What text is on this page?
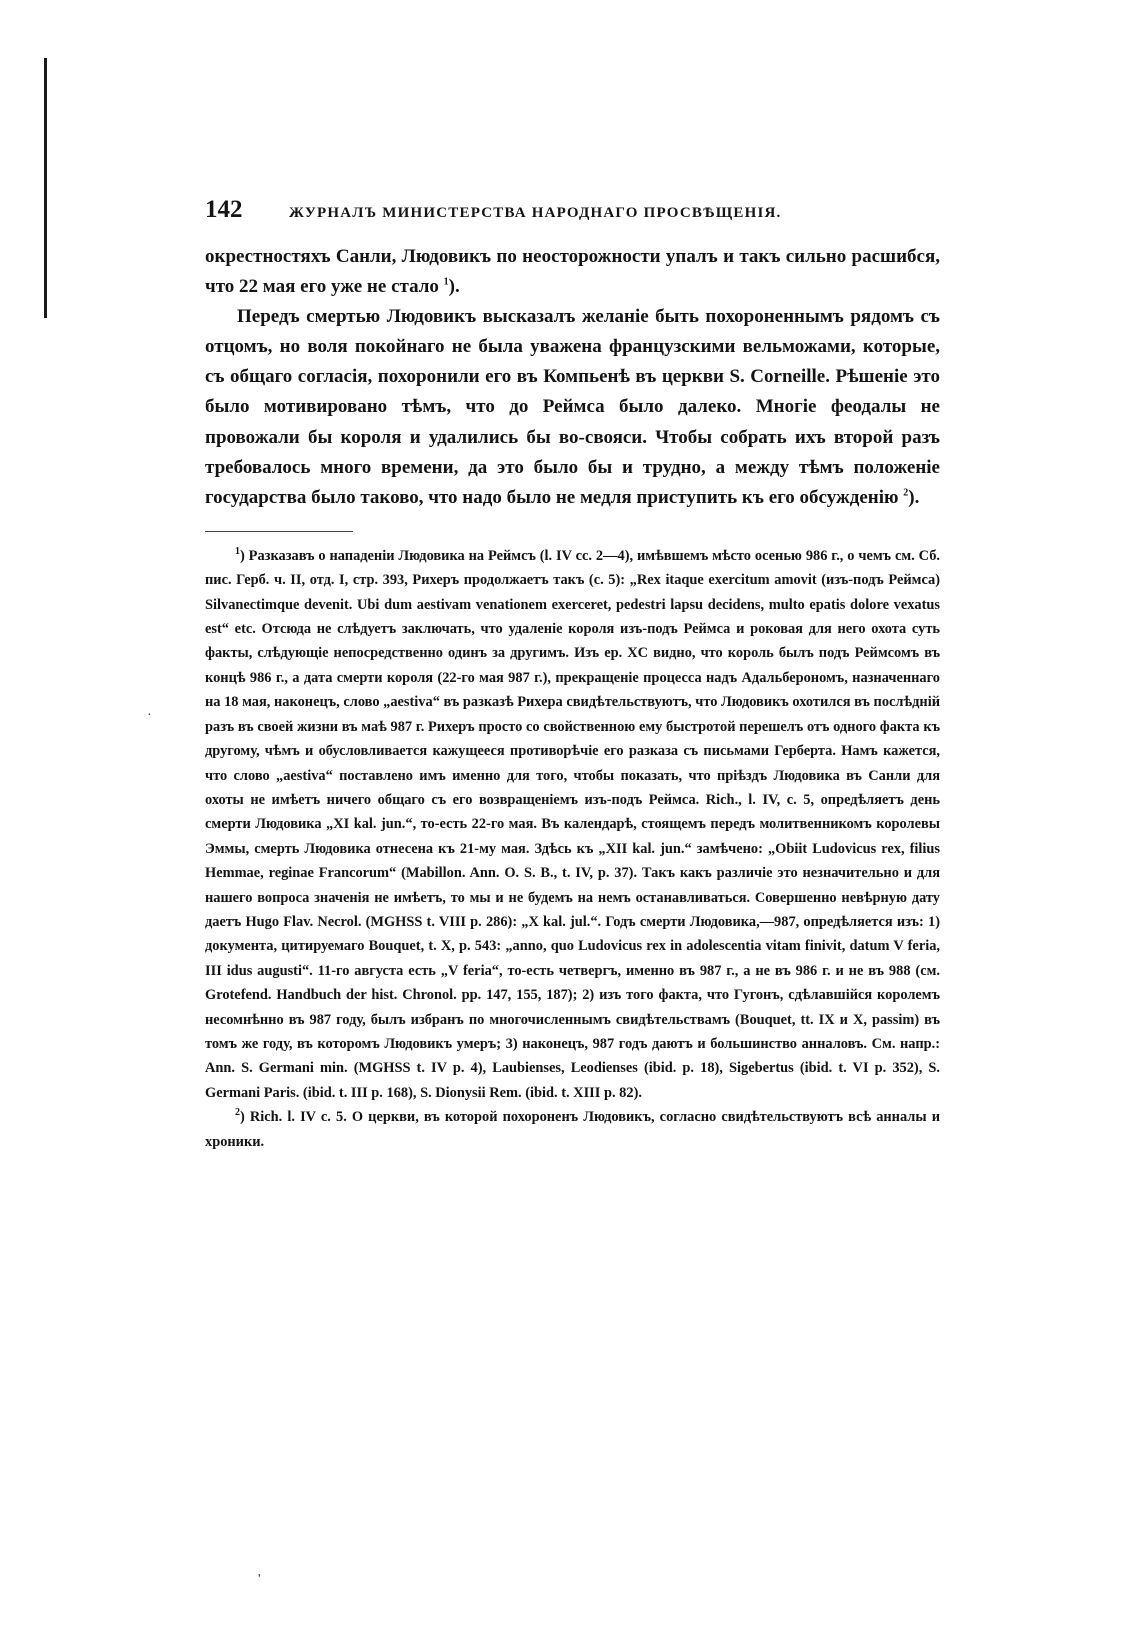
·
'
142	ЖУРНАЛЪ МИНИСТЕРСТВА НАРОДНАГО ПРОСВѢЩЕНІЯ.

окрестностяхъ Санли, Людовикъ по неосторожности упалъ и такъ сильно расшибся, что 22 мая его уже не стало $^1$).

Передъ смертью Людовикъ высказалъ желаніе быть похороненнымъ рядомъ съ отцомъ, но воля покойнаго не была уважена французскими вельможами, которые, съ общаго согласія, похоронили его въ Компьенѣ въ церкви S. Corneille. Рѣшеніе это было мотивировано тѣмъ, что до Реймса было далеко. Многіе феодалы не провожали бы короля и удалились бы во-свояси. Чтобы собрать ихъ второй разъ требовалось много времени, да это было бы и трудно, а между тѣмъ положеніе государства было таково, что надо было не медля приступить къ его обсужденію $^2$).

$^1$) Разказавъ о нападеніи Людовика на Реймсъ (l. IV cc. 2—4), имѣвшемъ мѣсто осенью 986 г., о чемъ см. Сб. пис. Герб. ч. II, отд. I, стр. 393, Рихеръ продолжаетъ такъ (c. 5): „Rex itaque exercitum amovit (изъ-подъ Реймса) Silvanectimque devenit. Ubi dum aestivam venationem exerceret, pedestri lapsu decidens, multo epatis dolore vexatus est“ etc. Отсюда не слѣдуетъ заключать, что удаленіе короля изъ-подъ Реймса и роковая для него охота суть факты, слѣдующіе непосредственно одинъ за другимъ. Изъ ер. XC видно, что король былъ подъ Реймсомъ въ концѣ 986 г., а дата смерти короля (22-го мая 987 г.), прекращеніе процесса надъ Адальберономъ, назначеннаго на 18 мая, наконецъ, слово „aestiva“ въ разказѣ Рихера свидѣтельствуютъ, что Людовикъ охотился въ послѣдній разъ въ своей жизни въ маѣ 987 г. Рихеръ просто со свойственною ему быстротой перешелъ отъ одного факта къ другому, чѣмъ и обусловливается кажущееся противорѣчіе его разказа съ письмами Герберта. Намъ кажется, что слово „aestiva“ поставлено имъ именно для того, чтобы показать, что пріѣздъ Людовика въ Санли для охоты не имѣетъ ничего общаго съ его возвращеніемъ изъ-подъ Реймса. Rich., l. IV, c. 5, опредѣляетъ день смерти Людовика „XI kal. jun.“, то-есть 22-го мая. Въ календарѣ, стоящемъ передъ молитвенникомъ королевы Эммы, смерть Людовика отнесена къ 21-му мая. Здѣсь къ „XII kal. jun.“ замѣчено: „Obiit Ludovicus rex, filius Hemmae, reginae Francorum“ (Mabillon. Ann. O. S. B., t. IV, p. 37). Такъ какъ различіе это незначительно и для нашего вопроса значенія не имѣетъ, то мы и не будемъ на немъ останавливаться. Совершенно невѣрную дату даетъ Hugo Flav. Necrol. (MGHSS t. VIII p. 286): „X kal. jul.“. Годъ смерти Людовика,—987, опредѣляется изъ: 1) документа, цитируемаго Bouquet, t. X, p. 543: „anno, quo Ludovicus rex in adolescentia vitam finivit, datum V feria, III idus augusti“. 11-го августа есть „V feria“, то-есть четвергъ, именно въ 987 г., а не въ 986 г. и не въ 988 (см. Grotefend. Handbuch der hist. Chronol. pp. 147, 155, 187); 2) изъ того факта, что Гугонъ, сдѣлавшійся королемъ несомнѣнно въ 987 году, былъ избранъ по многочисленнымъ свидѣтельствамъ (Bouquet, tt. IX и X, passim) въ томъ же году, въ которомъ Людовикъ умеръ; 3) наконецъ, 987 годъ даютъ и большинство анналовъ. См. напр.: Ann. S. Germani min. (MGHSS t. IV p. 4), Laubienses, Leodienses (ibid. p. 18), Sigebertus (ibid. t. VI p. 352), S. Germani Paris. (ibid. t. III p. 168), S. Dionysii Rem. (ibid. t. XIII p. 82).

$^2$) Rich. l. IV c. 5. О церкви, въ которой похороненъ Людовикъ, согласно свидѣтельствуютъ всѣ анналы и хроники.
